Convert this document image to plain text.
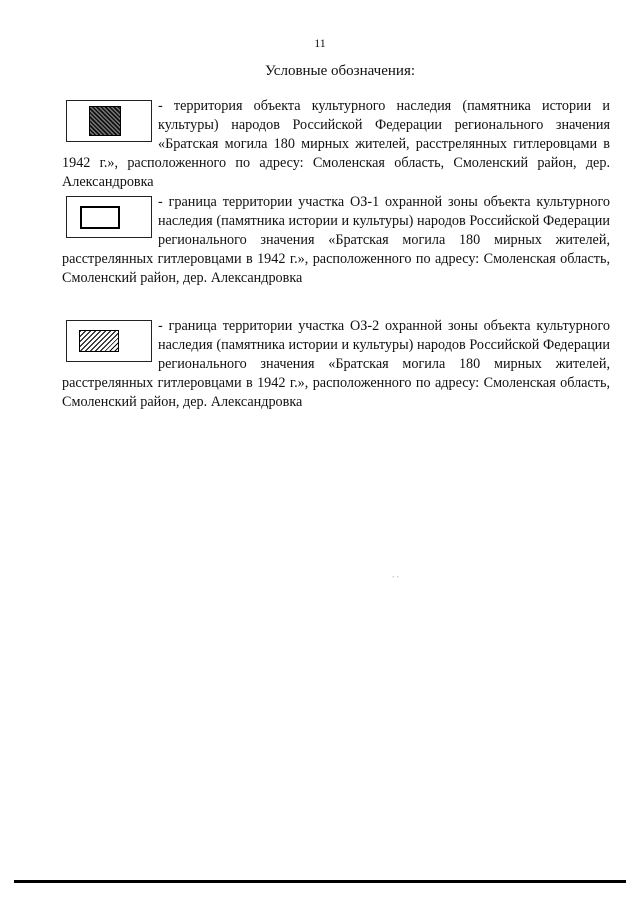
11
Условные обозначения:

- территория объекта культурного наследия (памятника истории и культуры) народов Российской Федерации регионального значения «Братская могила 180 мирных жителей, расстрелянных гитлеровцами в 1942 г.», расположенного по адресу: Смоленская область, Смоленский район, дер. Александровка

- граница территории участка ОЗ-1 охранной зоны объекта культурного наследия (памятника истории и культуры) народов Российской Федерации регионального значения «Братская могила 180 мирных жителей, расстрелянных гитлеровцами в 1942 г.», расположенного по адресу: Смоленская область, Смоленский район, дер. Александровка

- граница территории участка ОЗ-2 охранной зоны объекта культурного наследия (памятника истории и культуры) народов Российской Федерации регионального значения «Братская могила 180 мирных жителей, расстрелянных гитлеровцами в 1942 г.», расположенного по адресу: Смоленская область, Смоленский район, дер. Александровка

` `
